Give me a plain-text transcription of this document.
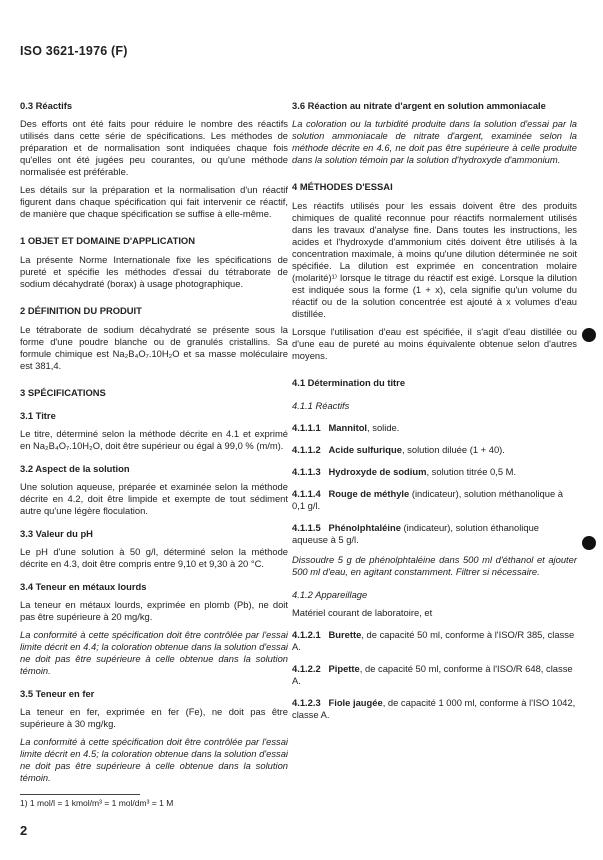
ISO 3621-1976 (F)
0.3 Réactifs

Des efforts ont été faits pour réduire le nombre des réactifs utilisés dans cette série de spécifications. Les méthodes de préparation et de normalisation sont indiquées chaque fois qu'elles ont été jugées peu courantes, ou qu'une méthode normalisée est préférable.

Les détails sur la préparation et la normalisation d'un réactif figurent dans chaque spécification qui fait intervenir ce réactif, de manière que chaque spécification se suffise à elle-même.

1 OBJET ET DOMAINE D'APPLICATION

La présente Norme Internationale fixe les spécifications de pureté et spécifie les méthodes d'essai du tétraborate de sodium décahydraté (borax) à usage photographique.

2 DÉFINITION DU PRODUIT

Le tétraborate de sodium décahydraté se présente sous la forme d'une poudre blanche ou de granulés cristallins. Sa formule chimique est Na₂B₄O₇.10H₂O et sa masse moléculaire est 381,4.

3 SPÉCIFICATIONS
3.1 Titre

Le titre, déterminé selon la méthode décrite en 4.1 et exprimé en Na₂B₄O₇.10H₂O, doit être supérieur ou égal à 99,0 % (m/m).

3.2 Aspect de la solution

Une solution aqueuse, préparée et examinée selon la méthode décrite en 4.2, doit être limpide et exempte de tout sédiment autre qu'une légère floculation.

3.3 Valeur du pH

Le pH d'une solution à 50 g/l, déterminé selon la méthode décrite en 4.3, doit être compris entre 9,10 et 9,30 à 20 °C.

3.4 Teneur en métaux lourds

La teneur en métaux lourds, exprimée en plomb (Pb), ne doit pas être supérieure à 20 mg/kg.

La conformité à cette spécification doit être contrôlée par l'essai limite décrit en 4.4; la coloration obtenue dans la solution d'essai ne doit pas être supérieure à celle obtenue dans la solution témoin.

3.5 Teneur en fer

La teneur en fer, exprimée en fer (Fe), ne doit pas être supérieure à 30 mg/kg.

La conformité à cette spécification doit être contrôlée par l'essai limite décrit en 4.5; la coloration obtenue dans la solution d'essai ne doit pas être supérieure à celle obtenue dans la solution témoin.

3.6 Réaction au nitrate d'argent en solution ammoniacale

La coloration ou la turbidité produite dans la solution d'essai par la solution ammoniacale de nitrate d'argent, examinée selon la méthode décrite en 4.6, ne doit pas être supérieure à celle produite dans la solution témoin par la solution d'hydroxyde d'ammonium.

4 MÉTHODES D'ESSAI

Les réactifs utilisés pour les essais doivent être des produits chimiques de qualité reconnue pour réactifs normalement utilisés dans les travaux d'analyse fine. Dans toutes les instructions, les acides et l'hydroxyde d'ammonium cités doivent être utilisés à la concentration maximale, à moins qu'une dilution déterminée ne soit spécifiée. La dilution est exprimée en concentration molaire (molarité)¹⁾ lorsque le titrage du réactif est exigé. Lorsque la dilution est indiquée sous la forme (1 + x), cela signifie qu'un volume du réactif ou de la solution concentrée est ajouté à x volumes d'eau distillée.

Lorsque l'utilisation d'eau est spécifiée, il s'agit d'eau distillée ou d'une eau de pureté au moins équivalente obtenue selon d'autres moyens.

4.1 Détermination du titre
4.1.1 Réactifs
4.1.1.1 Mannitol, solide.
4.1.1.2 Acide sulfurique, solution diluée (1 + 40).
4.1.1.3 Hydroxyde de sodium, solution titrée 0,5 M.
4.1.1.4 Rouge de méthyle (indicateur), solution méthanolique à 0,1 g/l.
4.1.1.5 Phénolphtaléine (indicateur), solution éthanolique aqueuse à 5 g/l.

Dissoudre 5 g de phénolphtaléine dans 500 ml d'éthanol et ajouter 500 ml d'eau, en agitant constamment. Filtrer si nécessaire.

4.1.2 Appareillage

Matériel courant de laboratoire, et

4.1.2.1 Burette, de capacité 50 ml, conforme à l'ISO/R 385, classe A.
4.1.2.2 Pipette, de capacité 50 ml, conforme à l'ISO/R 648, classe A.
4.1.2.3 Fiole jaugée, de capacité 1 000 ml, conforme à l'ISO 1042, classe A.
1) 1 mol/l = 1 kmol/m³ = 1 mol/dm³ = 1 M
2
